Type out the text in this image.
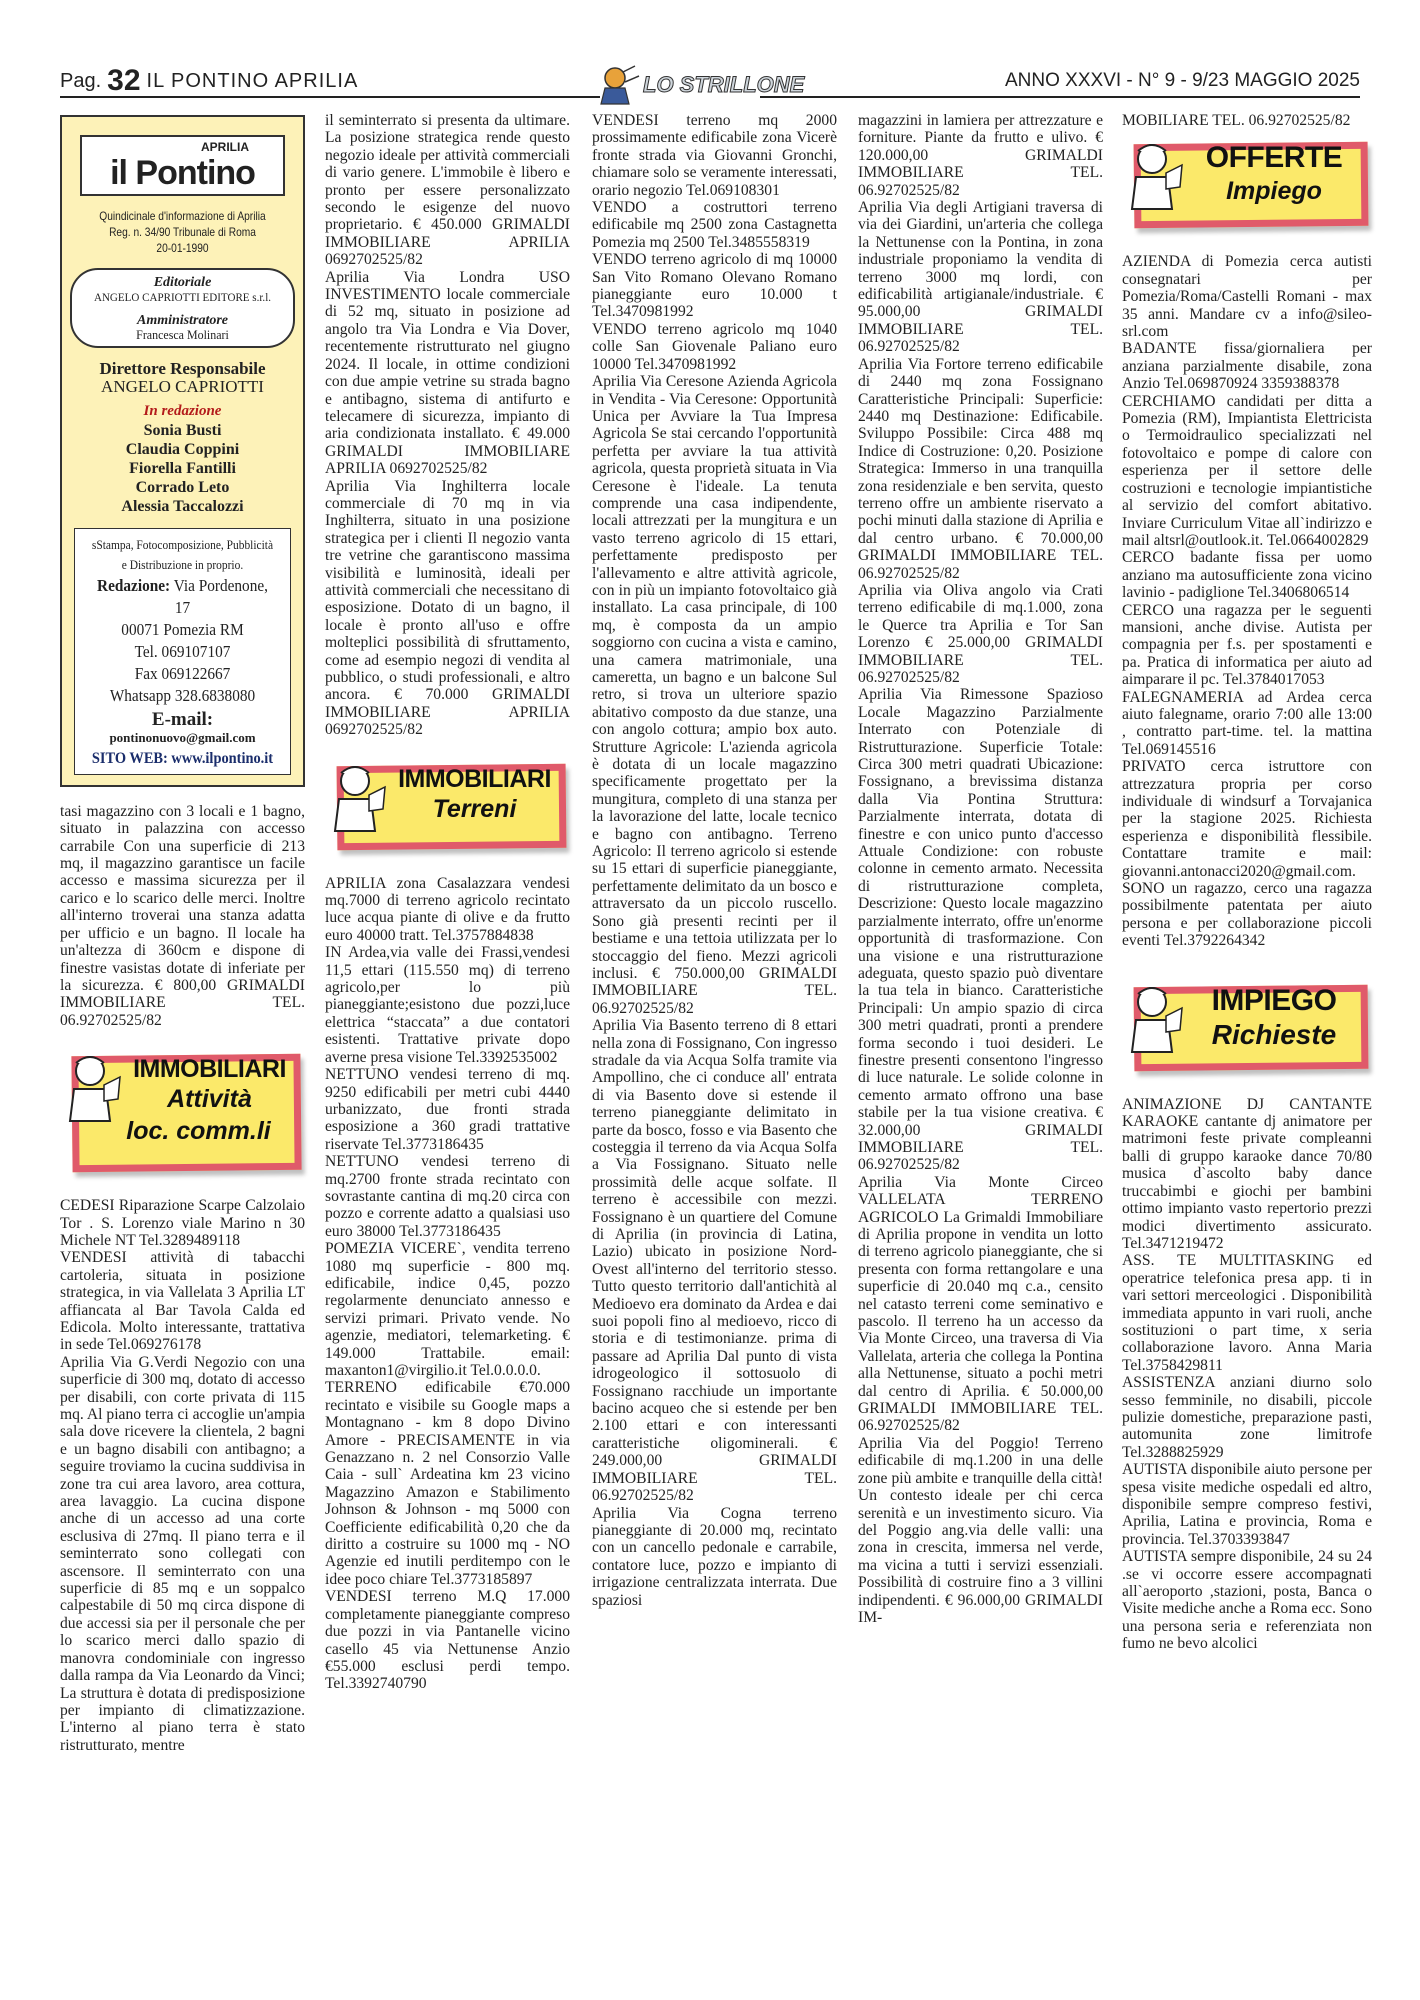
Pag. 32 IL PONTINO APRILIA	LO STRILLONE	ANNO XXXVI - N° 9 - 9/23 MAGGIO 2025
APRILIA
il Pontino
Quindicinale d'informazione di Aprilia
Reg. n. 34/90 Tribunale di Roma
20-01-1990
Editoriale
ANGELO CAPRIOTTI EDITORE s.r.l.
Amministratore
Francesca Molinari
Direttore Responsabile
ANGELO CAPRIOTTI
In redazione
Sonia Busti
Claudia Coppini
Fiorella Fantilli
Corrado Leto
Alessia Taccalozzi
sStampa, Fotocomposizione, Pubblicità e Distribuzione in proprio.
Redazione: Via Pordenone, 17
00071 Pomezia RM
Tel. 069107107
Fax 069122667
Whatsapp 328.6838080
E-mail: pontinonuovo@gmail.com
SITO WEB: www.ilpontino.it

tasi magazzino con 3 locali e 1 bagno, situato in palazzina con accesso carrabile Con una superficie di 213 mq, il magazzino garantisce un facile accesso e massima sicurezza per il carico e lo scarico delle merci. Inoltre all'interno troverai una stanza adatta per ufficio e un bagno. Il locale ha un'altezza di 360cm e dispone di finestre vasistas dotate di inferiate per la sicurezza. € 800,00 GRIMALDI IMMOBILIARE TEL. 06.92702525/82

IMMOBILIARI
Attività
loc. comm.li

CEDESI Riparazione Scarpe Calzolaio Tor . S. Lorenzo viale Marino n 30 Michele NT Tel.3289489118

VENDESI attività di tabacchi cartoleria, situata in posizione strategica, in via Vallelata 3 Aprilia LT affiancata al Bar Tavola Calda ed Edicola. Molto interessante, trattativa in sede Tel.069276178

Aprilia Via G.Verdi Negozio con una superficie di 300 mq, dotato di accesso per disabili, con corte privata di 115 mq. Al piano terra ci accoglie un'ampia sala dove ricevere la clientela, 2 bagni e un bagno disabili con antibagno; a seguire troviamo la cucina suddivisa in zone tra cui area lavoro, area cottura, area lavaggio. La cucina dispone anche di un accesso ad una corte esclusiva di 27mq. Il piano terra e il seminterrato sono collegati con ascensore. Il seminterrato con una superficie di 85 mq e un soppalco calpestabile di 50 mq circa dispone di due accessi sia per il personale che per lo scarico merci dallo spazio di manovra condominiale con ingresso dalla rampa da Via Leonardo da Vinci; La struttura è dotata di predisposizione per impianto di climatizzazione. L'interno al piano terra è stato ristrutturato, mentre

il seminterrato si presenta da ultimare. La posizione strategica rende questo negozio ideale per attività commerciali di vario genere. L'immobile è libero e pronto per essere personalizzato secondo le esigenze del nuovo proprietario. € 450.000 GRIMALDI IMMOBILIARE APRILIA 0692702525/82

Aprilia Via Londra USO INVESTIMENTO locale commerciale di 52 mq, situato in posizione ad angolo tra Via Londra e Via Dover, recentemente ristrutturato nel giugno 2024. Il locale, in ottime condizioni con due ampie vetrine su strada bagno e antibagno, sistema di antifurto e telecamere di sicurezza, impianto di aria condizionata installato. € 49.000 GRIMALDI IMMOBILIARE APRILIA 0692702525/82

Aprilia Via Inghilterra locale commerciale di 70 mq in via Inghilterra, situato in una posizione strategica per i clienti Il negozio vanta tre vetrine che garantiscono massima visibilità e luminosità, ideali per attività commerciali che necessitano di esposizione. Dotato di un bagno, il locale è pronto all'uso e offre molteplici possibilità di sfruttamento, come ad esempio negozi di vendita al pubblico, o studi professionali, e altro ancora. € 70.000 GRIMALDI IMMOBILIARE APRILIA 0692702525/82

IMMOBILIARI
Terreni

APRILIA zona Casalazzara vendesi mq.7000 di terreno agricolo recintato luce acqua piante di olive e da frutto euro 40000 tratt. Tel.3757884838

IN Ardea,via valle dei Frassi,vendesi 11,5 ettari (115.550 mq) di terreno agricolo,per lo più pianeggiante;esistono due pozzi,luce elettrica “staccata” a due contatori esistenti. Trattative private dopo averne presa visione Tel.3392535002

NETTUNO vendesi terreno di mq. 9250 edificabili per metri cubi 4440 urbanizzato, due fronti strada esposizione a 360 gradi trattative riservate Tel.3773186435

NETTUNO vendesi terreno di mq.2700 fronte strada recintato con sovrastante cantina di mq.20 circa con pozzo e corrente adatto a qualsiasi uso euro 38000 Tel.3773186435

POMEZIA VICERE`, vendita terreno 1080 mq superficie - 800 mq. edificabile, indice 0,45, pozzo regolarmente denunciato annesso e servizi primari. Privato vende. No agenzie, mediatori, telemarketing. € 149.000 Trattabile. email: maxanton1@virgilio.it Tel.0.0.0.0.

TERRENO edificabile €70.000 recintato e visibile su Google maps a Montagnano - km 8 dopo Divino Amore - PRECISAMENTE in via Genazzano n. 2 nel Consorzio Valle Caia - sull` Ardeatina km 23 vicino Magazzino Amazon e Stabilimento Johnson & Johnson - mq 5000 con Coefficiente edificabilità 0,20 che da diritto a costruire su 1000 mq - NO Agenzie ed inutili perditempo con le idee poco chiare Tel.3773185897

VENDESI terreno M.Q 17.000 completamente pianeggiante compreso due pozzi in via Pantanelle vicino casello 45 via Nettunense Anzio €55.000 esclusi perdi tempo. Tel.3392740790

VENDESI terreno mq 2000 prossimamente edificabile zona Vicerè fronte strada via Giovanni Gronchi, chiamare solo se veramente interessati, orario negozio Tel.069108301

VENDO a costruttori terreno edificabile mq 2500 zona Castagnetta Pomezia mq 2500 Tel.3485558319

VENDO terreno agricolo di mq 10000 San Vito Romano Olevano Romano pianeggiante euro 10.000 t Tel.3470981992

VENDO terreno agricolo mq 1040 colle San Giovenale Paliano euro 10000 Tel.3470981992

Aprilia Via Ceresone Azienda Agricola in Vendita - Via Ceresone: Opportunità Unica per Avviare la Tua Impresa Agricola Se stai cercando l'opportunità perfetta per avviare la tua attività agricola, questa proprietà situata in Via Ceresone è l'ideale. La tenuta comprende una casa indipendente, locali attrezzati per la mungitura e un vasto terreno agricolo di 15 ettari, perfettamente predisposto per l'allevamento e altre attività agricole, con in più un impianto fotovoltaico già installato. La casa principale, di 100 mq, è composta da un ampio soggiorno con cucina a vista e camino, una camera matrimoniale, una cameretta, un bagno e un balcone Sul retro, si trova un ulteriore spazio abitativo composto da due stanze, una con angolo cottura; ampio box auto. Strutture Agricole: L'azienda agricola è dotata di un locale magazzino specificamente progettato per la mungitura, completo di una stanza per la lavorazione del latte, locale tecnico e bagno con antibagno. Terreno Agricolo: Il terreno agricolo si estende su 15 ettari di superficie pianeggiante, perfettamente delimitato da un bosco e attraversato da un piccolo ruscello. Sono già presenti recinti per il bestiame e una tettoia utilizzata per lo stoccaggio del fieno. Mezzi agricoli inclusi. € 750.000,00 GRIMALDI IMMOBILIARE TEL. 06.92702525/82

Aprilia Via Basento terreno di 8 ettari nella zona di Fossignano, Con ingresso stradale da via Acqua Solfa tramite via Ampollino, che ci conduce all' entrata di via Basento dove si estende il terreno pianeggiante delimitato in parte da bosco, fosso e via Basento che costeggia il terreno da via Acqua Solfa a Via Fossignano. Situato nelle prossimità delle acque solfate. Il terreno è accessibile con mezzi. Fossignano è un quartiere del Comune di Aprilia (in provincia di Latina, Lazio) ubicato in posizione Nord-Ovest all'interno del territorio stesso. Tutto questo territorio dall'antichità al Medioevo era dominato da Ardea e dai suoi popoli fino al medioevo, ricco di storia e di testimonianze. prima di passare ad Aprilia Dal punto di vista idrogeologico il sottosuolo di Fossignano racchiude un importante bacino acqueo che si estende per ben 2.100 ettari e con interessanti caratteristiche oligominerali. € 249.000,00 GRIMALDI IMMOBILIARE TEL. 06.92702525/82

Aprilia Via Cogna terreno pianeggiante di 20.000 mq, recintato con un cancello pedonale e carrabile, contatore luce, pozzo e impianto di irrigazione centralizzata interrata. Due spaziosi

magazzini in lamiera per attrezzature e forniture. Piante da frutto e ulivo. € 120.000,00 GRIMALDI IMMOBILIARE TEL. 06.92702525/82

Aprilia Via degli Artigiani traversa di via dei Giardini, un'arteria che collega la Nettunense con la Pontina, in zona industriale proponiamo la vendita di terreno 3000 mq lordi, con edificabilità artigianale/industriale. € 95.000,00 GRIMALDI IMMOBILIARE TEL. 06.92702525/82

Aprilia Via Fortore terreno edificabile di 2440 mq zona Fossignano Caratteristiche Principali: Superficie: 2440 mq Destinazione: Edificabile. Sviluppo Possibile: Circa 488 mq Indice di Costruzione: 0,20. Posizione Strategica: Immerso in una tranquilla zona residenziale e ben servita, questo terreno offre un ambiente riservato a pochi minuti dalla stazione di Aprilia e dal centro urbano. € 70.000,00 GRIMALDI IMMOBILIARE TEL. 06.92702525/82

Aprilia via Oliva angolo via Crati terreno edificabile di mq.1.000, zona le Querce tra Aprilia e Tor San Lorenzo € 25.000,00 GRIMALDI IMMOBILIARE TEL. 06.92702525/82

Aprilia Via Rimessone Spazioso Locale Magazzino Parzialmente Interrato con Potenziale di Ristrutturazione. Superficie Totale: Circa 300 metri quadrati Ubicazione: Fossignano, a brevissima distanza dalla Via Pontina Struttura: Parzialmente interrata, dotata di finestre e con unico punto d'accesso Attuale Condizione: con robuste colonne in cemento armato. Necessita di ristrutturazione completa, Descrizione: Questo locale magazzino parzialmente interrato, offre un'enorme opportunità di trasformazione. Con una visione e una ristrutturazione adeguata, questo spazio può diventare la tua tela in bianco. Caratteristiche Principali: Un ampio spazio di circa 300 metri quadrati, pronti a prendere forma secondo i tuoi desideri. Le finestre presenti consentono l'ingresso di luce naturale. Le solide colonne in cemento armato offrono una base stabile per la tua visione creativa. € 32.000,00 GRIMALDI IMMOBILIARE TEL. 06.92702525/82

Aprilia Via Monte Circeo VALLELATA TERRENO AGRICOLO La Grimaldi Immobiliare di Aprilia propone in vendita un lotto di terreno agricolo pianeggiante, che si presenta con forma rettangolare e una superficie di 20.040 mq c.a., censito nel catasto terreni come seminativo e pascolo. Il terreno ha un accesso da Via Monte Circeo, una traversa di Via Vallelata, arteria che collega la Pontina alla Nettunense, situato a pochi metri dal centro di Aprilia. € 50.000,00 GRIMALDI IMMOBILIARE TEL. 06.92702525/82

Aprilia Via del Poggio! Terreno edificabile di mq.1.200 in una delle zone più ambite e tranquille della città! Un contesto ideale per chi cerca serenità e un investimento sicuro. Via del Poggio ang.via delle valli: una zona in crescita, immersa nel verde, ma vicina a tutti i servizi essenziali. Possibilità di costruire fino a 3 villini indipendenti. € 96.000,00 GRIMALDI IM-

MOBILIARE TEL. 06.92702525/82

OFFERTE
Impiego

AZIENDA di Pomezia cerca autisti consegnatari per Pomezia/Roma/Castelli Romani - max 35 anni. Mandare cv a info@sileo-srl.com

BADANTE fissa/giornaliera per anziana parzialmente disabile, zona Anzio Tel.069870924 3359388378

CERCHIAMO candidati per ditta a Pomezia (RM), Impiantista Elettricista o Termoidraulico specializzati nel fotovoltaico e pompe di calore con esperienza per il settore delle costruzioni e tecnologie impiantistiche al servizio del comfort abitativo. Inviare Curriculum Vitae all`indirizzo e mail altsrl@outlook.it. Tel.0664002829

CERCO badante fissa per uomo anziano ma autosufficiente zona vicino lavinio - padiglione Tel.3406806514

CERCO una ragazza per le seguenti mansioni, anche divise. Autista per compagnia per f.s. per spostamenti e pa. Pratica di informatica per aiuto ad aimparare il pc. Tel.3784017053

FALEGNAMERIA ad Ardea cerca aiuto falegname, orario 7:00 alle 13:00 , contratto part-time. tel. la mattina Tel.069145516

PRIVATO cerca istruttore con attrezzatura propria per corso individuale di windsurf a Torvajanica per la stagione 2025. Richiesta esperienza e disponibilità flessibile. Contattare tramite e mail: giovanni.antonacci2020@gmail.com.

SONO un ragazzo, cerco una ragazza possibilmente patentata per aiuto persona e per collaborazione piccoli eventi Tel.3792264342

IMPIEGO
Richieste

ANIMAZIONE DJ CANTANTE KARAOKE cantante dj animatore per matrimoni feste private compleanni balli di gruppo karaoke dance 70/80 musica d`ascolto baby dance truccabimbi e giochi per bambini ottimo impianto vasto repertorio prezzi modici divertimento assicurato. Tel.3471219472

ASS. TE MULTITASKING ed operatrice telefonica presa app. ti in vari settori merceologici . Disponibilità immediata appunto in vari ruoli, anche sostituzioni o part time, x seria collaborazione lavoro. Anna Maria Tel.3758429811

ASSISTENZA anziani diurno solo sesso femminile, no disabili, piccole pulizie domestiche, preparazione pasti, automunita zone limitrofe Tel.3288825929

AUTISTA disponibile aiuto persone per spesa visite mediche ospedali ed altro, disponibile sempre compreso festivi, Aprilia, Latina e provincia, Roma e provincia. Tel.3703393847

AUTISTA sempre disponibile, 24 su 24 .se vi occorre essere accompagnati all`aeroporto ,stazioni, posta, Banca o Visite mediche anche a Roma ecc. Sono una persona seria e referenziata non fumo ne bevo alcolici
